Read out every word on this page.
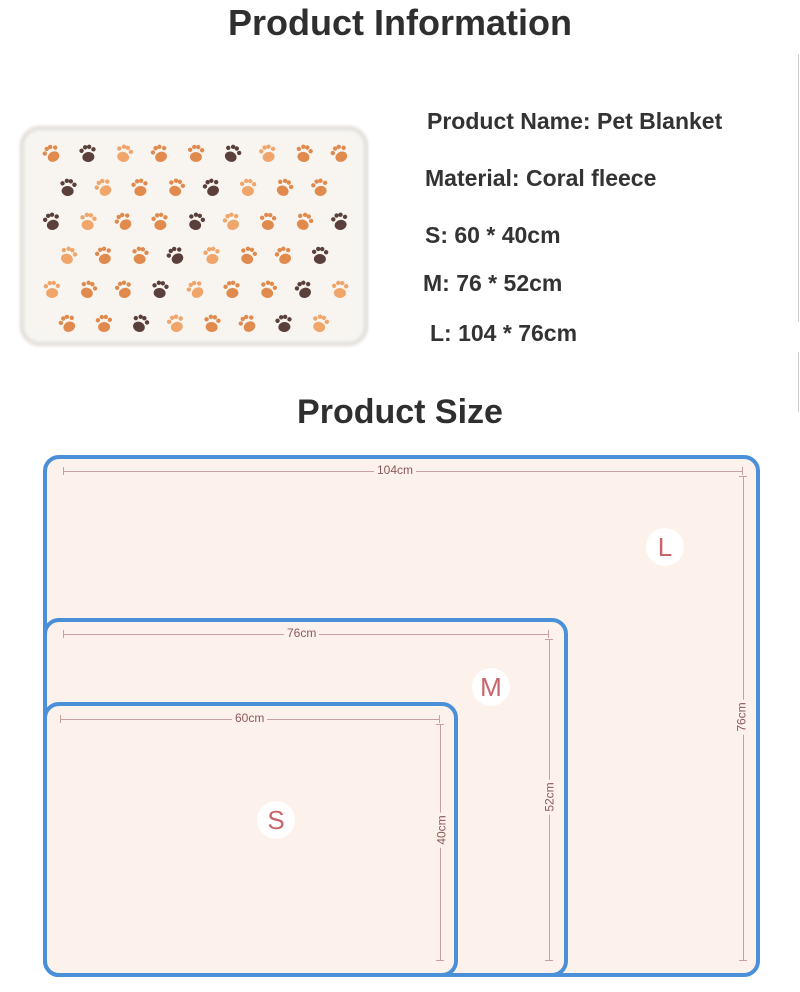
Product Information
Product Name: Pet Blanket
Material: Coral fleece
S: 60 * 40cm
M: 76 * 52cm
L: 104 * 76cm
Product Size
104cm
76cm
L
76cm
52cm
M
60cm
40cm
S
